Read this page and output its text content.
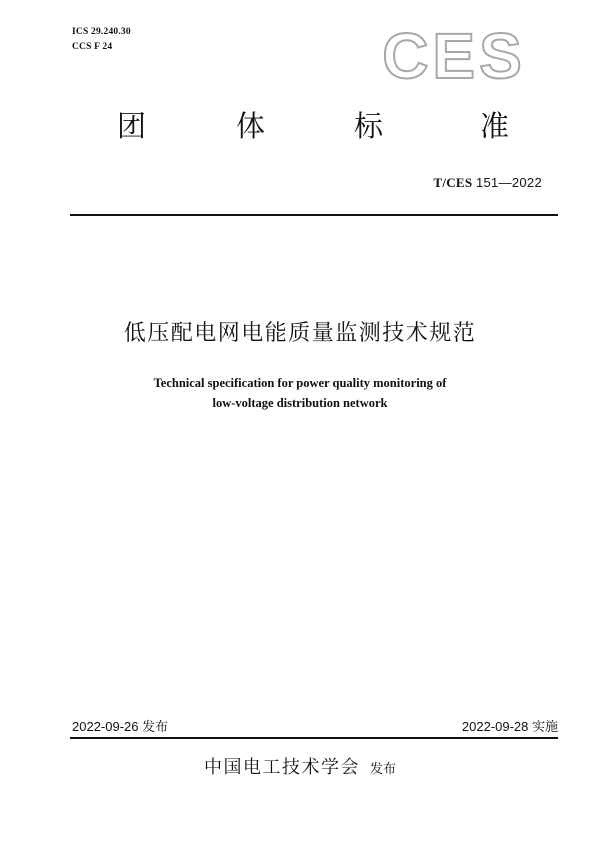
ICS 29.240.30
CCS F 24	CES
团	体	标	准
T/CES 151—2022
低压配电网电能质量监测技术规范
Technical specification for power quality monitoring of
low-voltage distribution network
2022-09-26 发布	2022-09-28 实施
中国电工技术学会 发布
